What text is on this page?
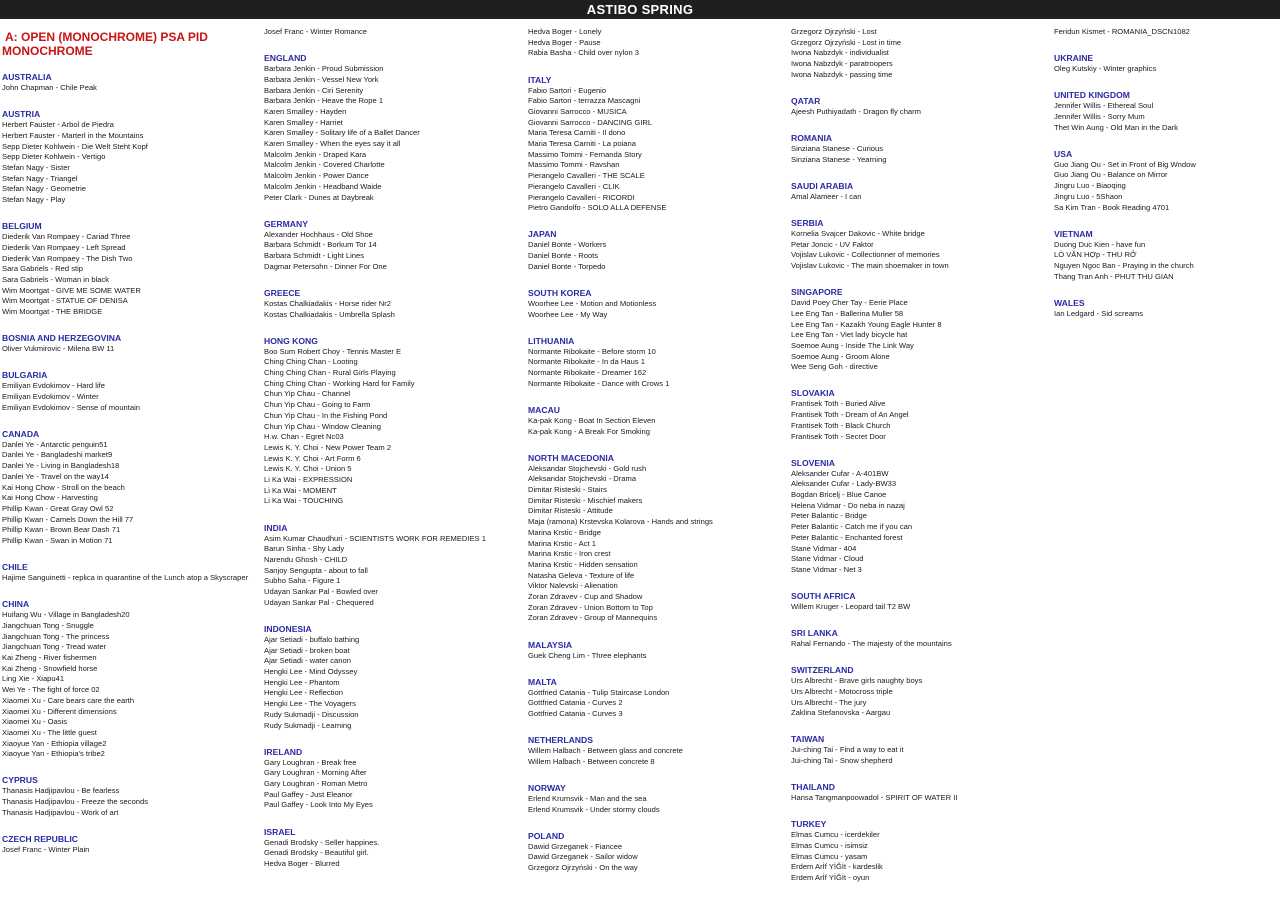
ASTIBO SPRING
A: OPEN (MONOCHROME) PSA PID
MONOCHROME
AUSTRALIA
John Chapman - Chile Peak
AUSTRIA
Herbert Fauster - Arbol de Piedra
Herbert Fauster - Marterl in the Mountains
Sepp Dieter Kohlwein - Die Welt Steht Kopf
Sepp Dieter Kohlwein - Vertigo
Stefan Nagy - Sister
Stefan Nagy - Triangel
Stefan Nagy - Geometrie
Stefan Nagy - Play
BELGIUM
Diederik Van Rompaey - Cariad Three
Diederik Van Rompaey - Left Spread
Diederik Van Rompaey - The Dish Two
Sara Gabriels - Red stip
Sara Gabriels - Woman in black
Wim Moortgat - GIVE ME SOME WATER
Wim Moortgat - STATUE OF DENISA
Wim Moortgat - THE BRIDGE
BOSNIA AND HERZEGOVINA
Oliver Vukmirovic - Milena BW 11
BULGARIA
Emiliyan Evdokimov - Hard life
Emiliyan Evdokimov - Winter
Emiliyan Evdokimov - Sense of mountain
CANADA
Danlei Ye - Antarctic penguin51
Danlei Ye - Bangladeshi market9
Danlei Ye - Living in Bangladesh18
Danlei Ye - Travel on the way14
Kai Hong Chow - Stroll on the beach
Kai Hong Chow - Harvesting
Phillip Kwan - Great Gray Owl 52
Phillip Kwan - Camels Down the Hill 77
Phillip Kwan - Brown Bear Dash 71
Phillip Kwan - Swan in Motion 71
CHILE
Hajime Sanguinetti - replica in quarantine of the Lunch atop a Skyscraper
CHINA
Huifang Wu - Village in Bangladesh20
Jiangchuan Tong - Snuggle
Jiangchuan Tong - The princess
Jiangchuan Tong - Tread water
Kai Zheng - River fishermen
Kai Zheng - Snowfield horse
Ling Xie - Xiapu41
Wei Ye - The fight of force 02
Xiaomei Xu - Care bears care the earth
Xiaomei Xu - Different dimensions
Xiaomei Xu - Oasis
Xiaomei Xu - The little guest
Xiaoyue Yan - Ethiopia village2
Xiaoyue Yan - Ethiopia's tribe2
CYPRUS
Thanasis Hadjipavlou - Be fearless
Thanasis Hadjipavlou - Freeze the seconds
Thanasis Hadjipavlou - Work of art
CZECH REPUBLIC
Josef Franc - Winter Plain
Josef Franc - Winter Romance
ENGLAND
Barbara Jenkin - Proud Submission
Barbara Jenkin - Vessel New York
Barbara Jenkin - Ciri Serenity
Barbara Jenkin - Heave the Rope 1
Karen Smalley - Hayden
Karen Smalley - Harriet
Karen Smalley - Solitary life of a Ballet Dancer
Karen Smalley - When the eyes say it all
Malcolm Jenkin - Draped Kara
Malcolm Jenkin - Covered Charlotte
Malcolm Jenkin - Power Dance
Malcolm Jenkin - Headband Waide
Peter Clark - Dunes at Daybreak
GERMANY
Alexander Hochhaus - Old Shoe
Barbara Schmidt - Borkum Tor 14
Barbara Schmidt - Light Lines
Dagmar Petersohn - Dinner For One
GREECE
Kostas Chalkiadakis - Horse rider Nr2
Kostas Chalkiadakis - Umbrella Splash
HONG KONG
Boo Sum Robert Choy - Tennis Master E
Ching Ching Chan - Looting
Ching Ching Chan - Rural Girls Playing
Ching Ching Chan - Working Hard for Family
Chun Yip Chau - Channel
Chun Yip Chau - Going to Farm
Chun Yip Chau - In the Fishing Pond
Chun Yip Chau - Window Cleaning
H.w. Chan - Egret Nc03
Lewis K. Y. Choi - New Power Team 2
Lewis K. Y. Choi - Art Form 6
Lewis K. Y. Choi - Union 5
Li Ka Wai - EXPRESSION
Li Ka Wai - MOMENT
Li Ka Wai - TOUCHING
INDIA
Asim Kumar Chaudhuri - SCIENTISTS WORK FOR REMEDIES 1
Barun Sinha - Shy Lady
Narendu Ghosh - CHILD
Sanjoy Sengupta - about to fall
Subho Saha - Figure 1
Udayan Sankar Pal - Bowled over
Udayan Sankar Pal - Chequered
INDONESIA
Ajar Setiadi - buffalo bathing
Ajar Setiadi - broken boat
Ajar Setiadi - water canon
Hengki Lee - Mind Odyssey
Hengki Lee - Phantom
Hengki Lee - Reflection
Hengki Lee - The Voyagers
Rudy Sukmadji - Discussion
Rudy Sukmadji - Learning
IRELAND
Gary Loughran - Break free
Gary Loughran - Morning After
Gary Loughran - Roman Metro
Paul Gaffey - Just Eleanor
Paul Gaffey - Look Into My Eyes
ISRAEL
Genadi Brodsky - Seller happines.
Genadi Brodsky - Beautiful girl.
Hedva Boger - Blurred
Hedva Boger - Lonely
Hedva Boger - Pause
Rabia Bashа - Child over nylon 3
ITALY
Fabio Sartori - Eugenio
Fabio Sartori - terrazza Mascagni
Giovanni Sarrocco - MUSICA
Giovanni Sarrocco - DANCING GIRL
Maria Teresa Carniti - Il dono
Maria Teresa Carniti - La poiana
Massimo Tommi - Fernanda Story
Massimo Tommi - Ravshan
Pierangelo Cavalleri - THE SCALE
Pierangelo Cavalleri - CLIK
Pierangelo Cavalleri - RICORDI
Pietro Gandolfo - SOLO ALLA DEFENSE
JAPAN
Daniel Bonte - Workers
Daniel Bonte - Roots
Daniel Bonte - Torpedo
SOUTH KOREA
Woorhee Lee - Motion and Motionless
Woorhee Lee - My Way
LITHUANIA
Normante Ribokaite - Before storm 10
Normante Ribokaite - In da Haus 1
Normante Ribokaite - Dreamer 162
Normante Ribokaite - Dance with Crows 1
MACAU
Ka-pak Kong - Boat In Section Eleven
Ka-pak Kong - A Break For Smoking
NORTH MACEDONIA
Aleksandar Stojchevski - Gold rush
Aleksandar Stojchevski - Drama
Dimitar Risteski - Stairs
Dimitar Risteski - Mischief makers
Dimitar Risteski - Attitude
Maja (ramona) Krstevska Kolarova - Hands and strings
Marina Krstic - Bridge
Marina Krstic - Act 1
Marina Krstic - Iron crest
Marina Krstic - Hidden sensation
Natasha Geleva - Texture of life
Viktor Nalevski - Alienation
Zoran Zdravev - Cup and Shadow
Zoran Zdravev - Union Bottom to Top
Zoran Zdravev - Group of Mannequins
MALAYSIA
Guek Cheng Lim - Three elephants
MALTA
Gottfried Catania - Tulip Staircase London
Gottfried Catania - Curves 2
Gottfried Catania - Curves 3
NETHERLANDS
Willem Halbach - Between glass and concrete
Willem Halbach - Between concrete 8
NORWAY
Erlend Krumsvik - Man and the sea
Erlend Krumsvik - Under stormy clouds
POLAND
Dawid Grzeganek - Fiancee
Dawid Grzeganek - Sailor widow
Grzegorz Ojrzyński - On the way
Grzegorz Ojrzyński - Lost
Grzegorz Ojrzyński - Lost in time
Iwona Nabzdyk - individualist
Iwona Nabzdyk - paratroopers
Iwona Nabzdyk - passing time
QATAR
Ajeesh Puthiyadath - Dragon fly charm
ROMANIA
Sinziana Stanese - Curious
Sinziana Stanese - Yearning
SAUDI ARABIA
Amal Alameer - I can
SERBIA
Kornelia Svajcer Dakovic - White bridge
Petar Joncic - UV Faktor
Vojislav Lukovic - Collectionner of memories
Vojislav Lukovic - The main shoemaker in town
SINGAPORE
David Poey Cher Tay - Eerie Place
Lee Eng Tan - Ballerina Muller 58
Lee Eng Tan - Kazakh Young Eagle Hunter 8
Lee Eng Tan - Viet lady bicycle hat
Soemoe Aung - Inside The Link Way
Soemoe Aung - Groom Alone
Wee Seng Goh - directive
SLOVAKIA
Frantisek Toth - Buried Alive
Frantisek Toth - Dream of An Angel
Frantisek Toth - Black Church
Frantisek Toth - Secret Door
SLOVENIA
Aleksander Cufar - A-401BW
Aleksander Cufar - Lady-BW33
Bogdan Bricelj - Blue Canoe
Helena Vidmar - Do neba in nazaj
Peter Balantic - Bridge
Peter Balantic - Catch me if you can
Peter Balantic - Enchanted forest
Stane Vidmar - 404
Stane Vidmar - Cloud
Stane Vidmar - Net 3
SOUTH AFRICA
Willem Kruger - Leopard tail T2 BW
SRI LANKA
Rahal Fernando - The majesty of the mountains
SWITZERLAND
Urs Albrecht - Brave girls naughty boys
Urs Albrecht - Motocross triple
Urs Albrecht - The jury
Zaklina Stefanovska - Aargau
TAIWAN
Jui-ching Tai - Find a way to eat it
Jui-ching Tai - Snow shepherd
THAILAND
Hansa Tangmanpoowadol - SPIRIT OF WATER II
TURKEY
Elmas Cumcu - icerdekiler
Elmas Cumcu - isimsiz
Elmas Cumcu - yasam
Erdem Arİf YİĞİt - kardeslik
Erdem Arİf YİĞİt - oyun
Feridun Kismet - ROMANIA_DSCN1082
UKRAINE
Oleg Kutskiy - Winter graphics
UNITED KINGDOM
Jennifer Willis - Ethereal Soul
Jennifer Willis - Sorry Mum
Thet Win Aung - Old Man in the Dark
USA
Guo Jiang Ou - Set in Front of Big Wndow
Guo Jiang Ou - Balance on Mirror
Jingru Luo - Biaoqing
Jingru Luo - 5Shaon
Sa Kim Tran - Book Reading 4701
VIETNAM
Duong Duc Kien - have fun
LÒ VĂN HỢp - THU RỞ
Nguyen Ngoc Ban - Praying in the church
Thang Tran Anh - PHUT THU GIAN
WALES
Ian Ledgard - Sid screams
